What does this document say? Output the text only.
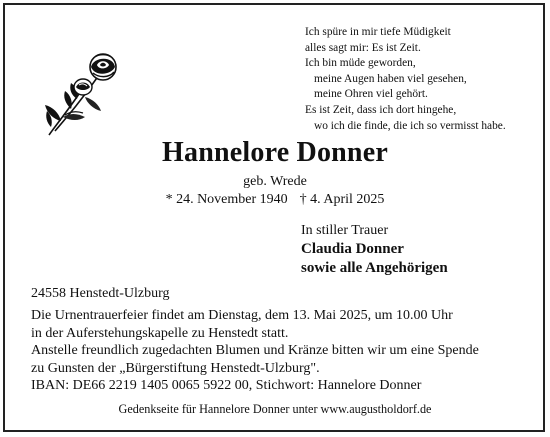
Ich spüre in mir tiefe Müdigkeit
alles sagt mir: Es ist Zeit.
Ich bin müde geworden,
meine Augen haben viel gesehen,
meine Ohren viel gehört.
Es ist Zeit, dass ich dort hingehe,
wo ich die finde, die ich so vermisst habe.
Hannelore Donner
geb. Wrede
* 24. November 1940 † 4. April 2025
In stiller Trauer
Claudia Donner
sowie alle Angehörigen
24558 Henstedt-Ulzburg
Die Urnentrauerfeier findet am Dienstag, dem 13. Mai 2025, um 10.00 Uhr
in der Auferstehungskapelle zu Henstedt statt.
Anstelle freundlich zugedachten Blumen und Kränze bitten wir um eine Spende
zu Gunsten der „Bürgerstiftung Henstedt-Ulzburg".
IBAN: DE66 2219 1405 0065 5922 00, Stichwort: Hannelore Donner
Gedenkseite für Hannelore Donner unter www.augustholdorf.de
